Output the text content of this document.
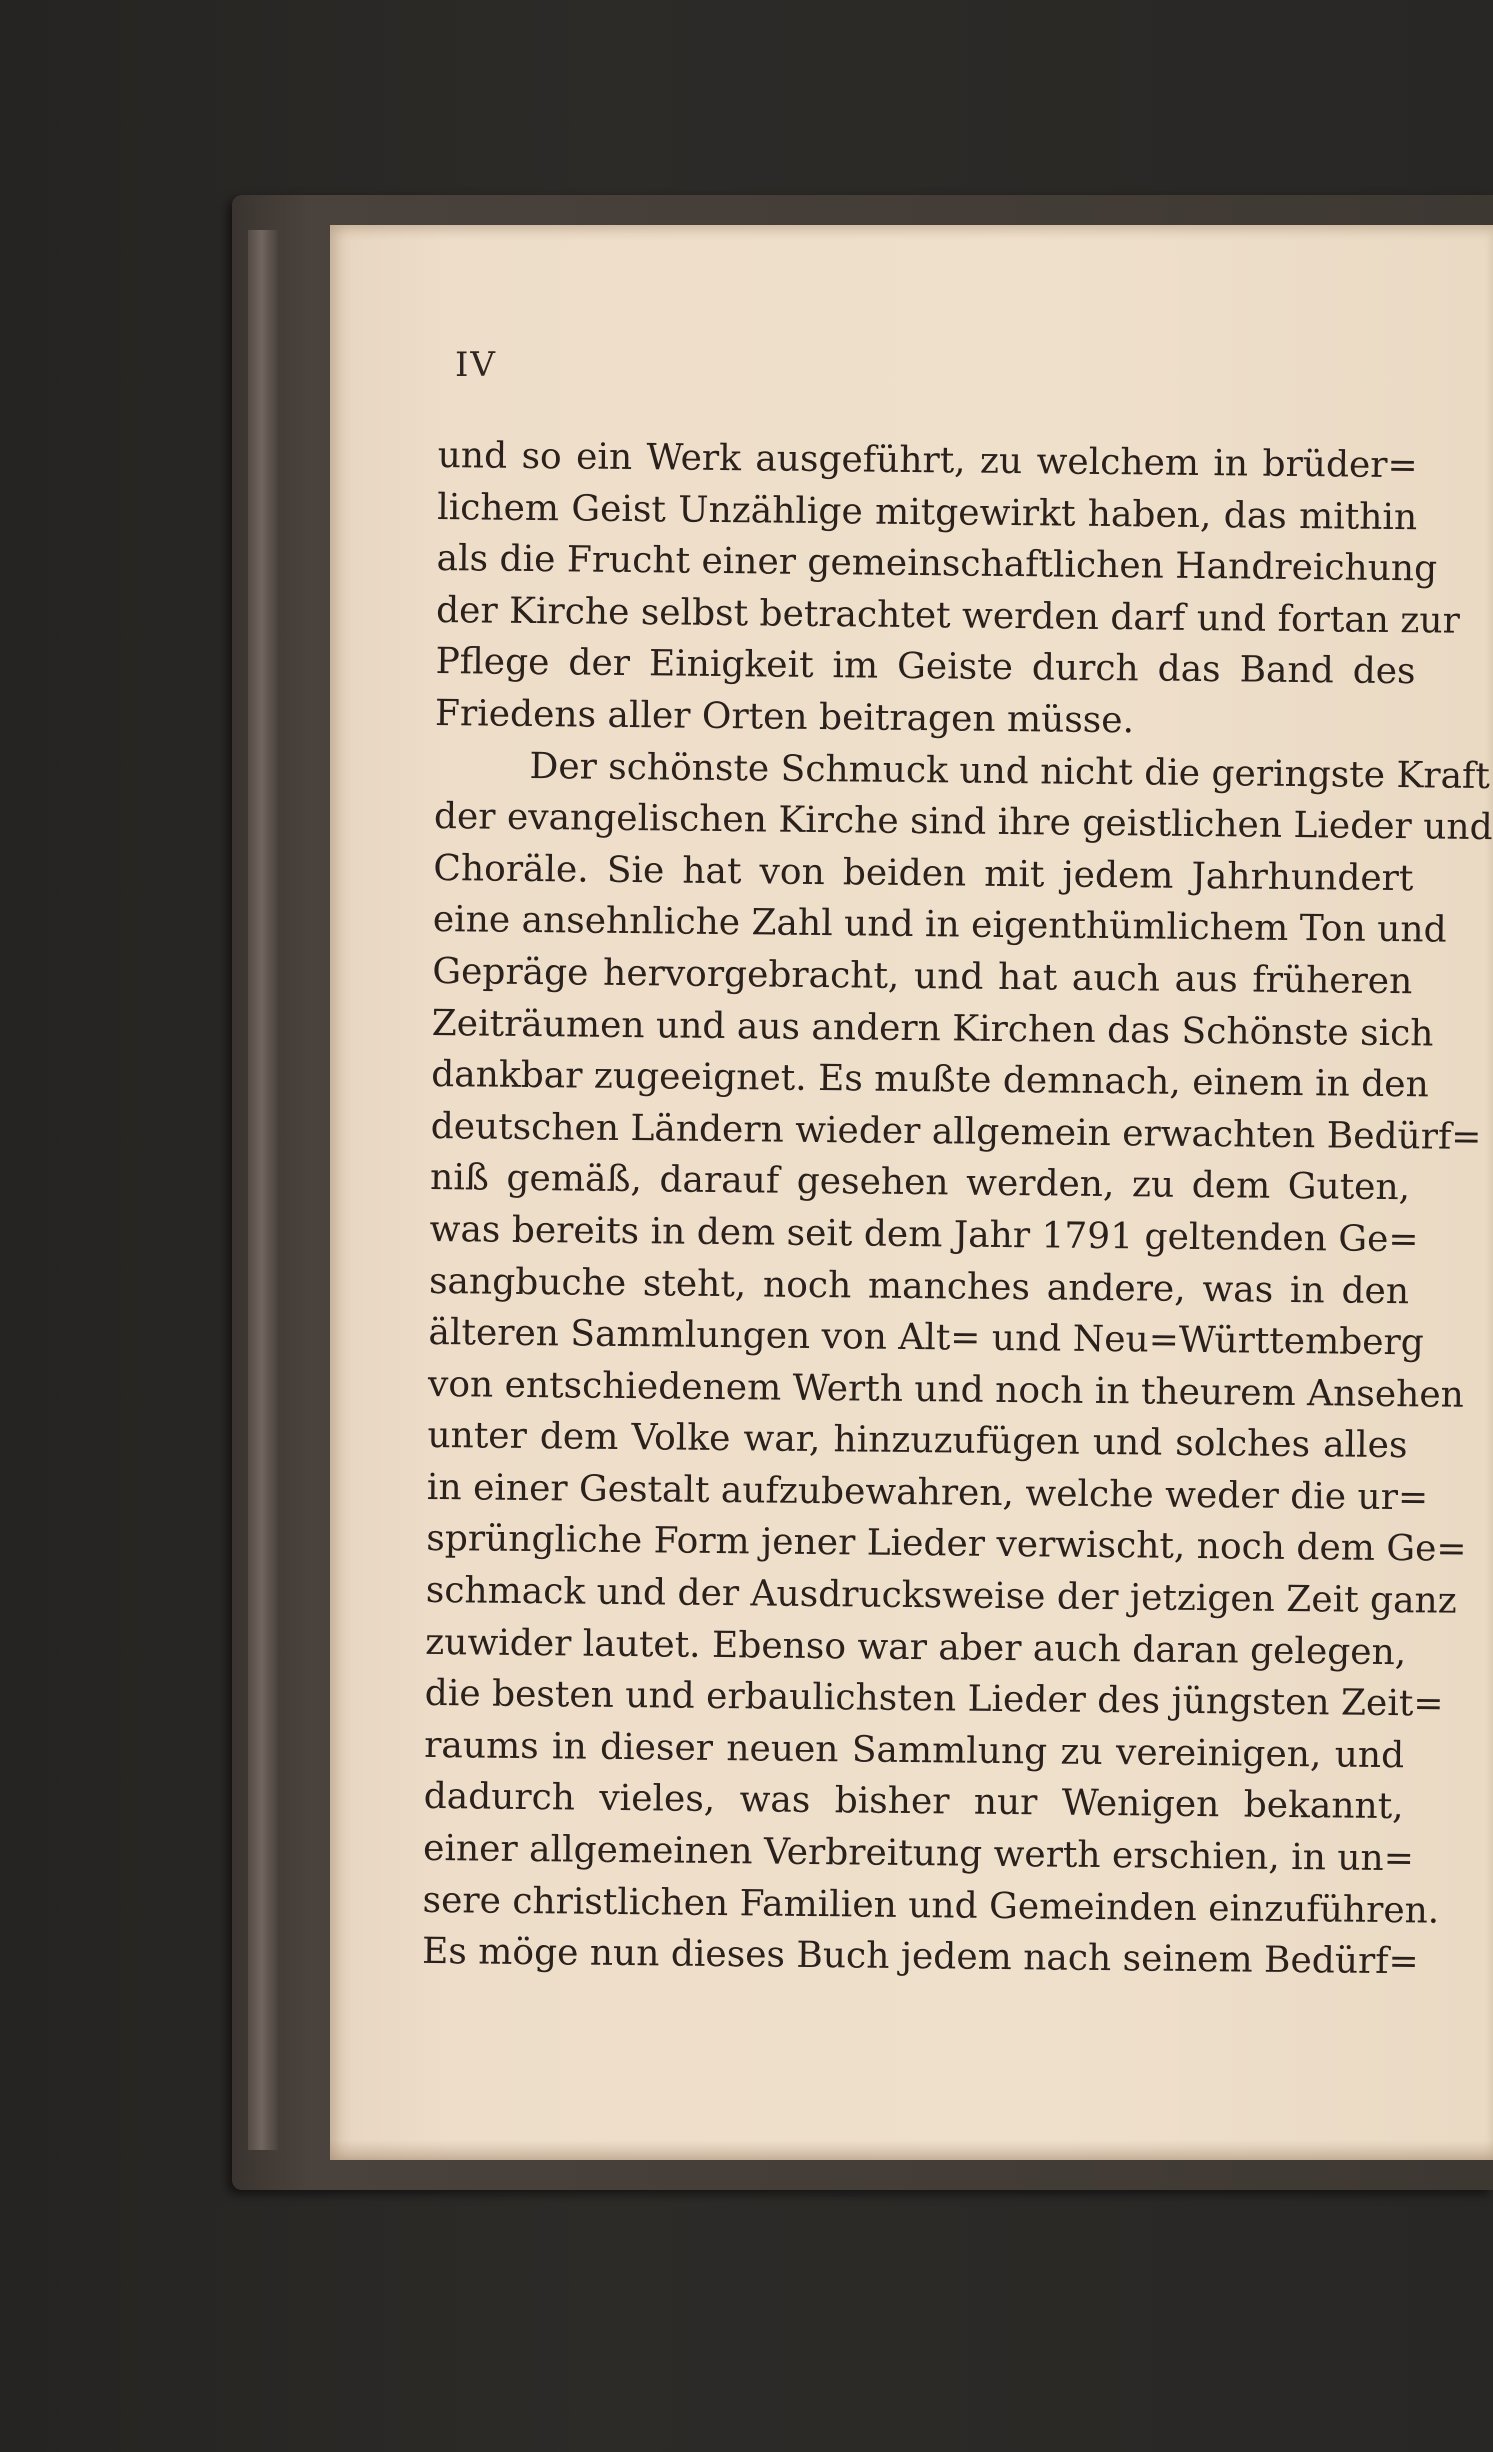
IV
und so ein Werk ausgeführt, zu welchem in brüder=
lichem Geist Unzählige mitgewirkt haben, das mithin
als die Frucht einer gemeinschaftlichen Handreichung
der Kirche selbst betrachtet werden darf und fortan zur
Pflege der Einigkeit im Geiste durch das Band des
Friedens aller Orten beitragen müsse.
Der schönste Schmuck und nicht die geringste Kraft
der evangelischen Kirche sind ihre geistlichen Lieder und
Choräle. Sie hat von beiden mit jedem Jahrhundert
eine ansehnliche Zahl und in eigenthümlichem Ton und
Gepräge hervorgebracht, und hat auch aus früheren
Zeiträumen und aus andern Kirchen das Schönste sich
dankbar zugeeignet. Es mußte demnach, einem in den
deutschen Ländern wieder allgemein erwachten Bedürf=
niß gemäß, darauf gesehen werden, zu dem Guten,
was bereits in dem seit dem Jahr 1791 geltenden Ge=
sangbuche steht, noch manches andere, was in den
älteren Sammlungen von Alt= und Neu=Württemberg
von entschiedenem Werth und noch in theurem Ansehen
unter dem Volke war, hinzuzufügen und solches alles
in einer Gestalt aufzubewahren, welche weder die ur=
sprüngliche Form jener Lieder verwischt, noch dem Ge=
schmack und der Ausdrucksweise der jetzigen Zeit ganz
zuwider lautet. Ebenso war aber auch daran gelegen,
die besten und erbaulichsten Lieder des jüngsten Zeit=
raums in dieser neuen Sammlung zu vereinigen, und
dadurch vieles, was bisher nur Wenigen bekannt,
einer allgemeinen Verbreitung werth erschien, in un=
sere christlichen Familien und Gemeinden einzuführen.
Es möge nun dieses Buch jedem nach seinem Bedürf=
